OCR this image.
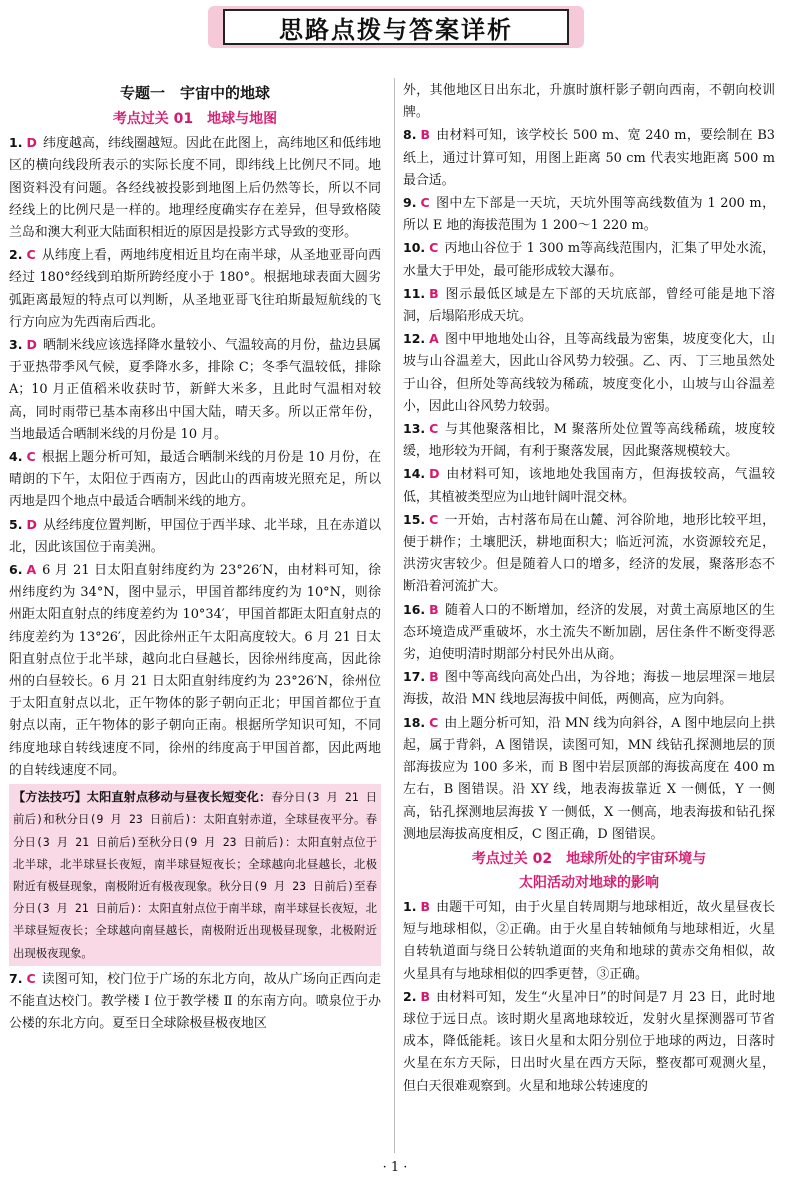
思路点拨与答案详析
专题一　宇宙中的地球
考点过关 01　地球与地图

1. D 纬度越高，纬线圈越短。因此在此图上，高纬地区和低纬地区的横向线段所表示的实际长度不同，即纬线上比例尺不同。地图资料没有问题。各经线被投影到地图上后仍然等长，所以不同经线上的比例尺是一样的。地理经度确实存在差异，但导致格陵兰岛和澳大利亚大陆面积相近的原因是投影方式导致的变形。

2. C 从纬度上看，两地纬度相近且均在南半球，从圣地亚哥向西经过 180°经线到珀斯所跨经度小于 180°。根据地球表面大圆劣弧距离最短的特点可以判断，从圣地亚哥飞往珀斯最短航线的飞行方向应为先西南后西北。

3. D 晒制米线应该选择降水量较小、气温较高的月份，盐边县属于亚热带季风气候，夏季降水多，排除 C；冬季气温较低，排除 A；10 月正值稻米收获时节，新鲜大米多，且此时气温相对较高，同时雨带已基本南移出中国大陆，晴天多。所以正常年份，当地最适合晒制米线的月份是 10 月。

4. C 根据上题分析可知，最适合晒制米线的月份是 10 月份，在晴朗的下午，太阳位于西南方，因此山的西南坡光照充足，所以丙地是四个地点中最适合晒制米线的地方。

5. D 从经纬度位置判断，甲国位于西半球、北半球，且在赤道以北，因此该国位于南美洲。

6. A 6 月 21 日太阳直射纬度约为 23°26′N，由材料可知，徐州纬度约为 34°N，图中显示，甲国首都纬度约为 10°N，则徐州距太阳直射点的纬度差约为 10°34′，甲国首都距太阳直射点的纬度差约为 13°26′，因此徐州正午太阳高度较大。6 月 21 日太阳直射点位于北半球，越向北白昼越长，因徐州纬度高，因此徐州的白昼较长。6 月 21 日太阳直射纬度约为 23°26′N，徐州位于太阳直射点以北，正午物体的影子朝向正北；甲国首都位于直射点以南，正午物体的影子朝向正南。根据所学知识可知，不同纬度地球自转线速度不同，徐州的纬度高于甲国首都，因此两地的自转线速度不同。

【方法技巧】太阳直射点移动与昼夜长短变化：春分日(3 月 21 日前后)和秋分日(9 月 23 日前后)：太阳直射赤道，全球昼夜平分。春分日(3 月 21 日前后)至秋分日(9 月 23 日前后)：太阳直射点位于北半球，北半球昼长夜短，南半球昼短夜长；全球越向北昼越长，北极附近有极昼现象，南极附近有极夜现象。秋分日(9 月 23 日前后)至春分日(3 月 21 日前后)：太阳直射点位于南半球，南半球昼长夜短，北半球昼短夜长；全球越向南昼越长，南极附近出现极昼现象，北极附近出现极夜现象。

7. C 读图可知，校门位于广场的东北方向，故从广场向正西向走不能直达校门。教学楼 Ⅰ 位于教学楼 Ⅱ 的东南方向。喷泉位于办公楼的东北方向。夏至日全球除极昼极夜地区

外，其他地区日出东北，升旗时旗杆影子朝向西南，不朝向校训牌。

8. B 由材料可知，该学校长 500 m、宽 240 m，要绘制在 B3 纸上，通过计算可知，用图上距离 50 cm 代表实地距离 500 m 最合适。

9. C 图中左下部是一天坑，天坑外围等高线数值为 1 200 m，所以 E 地的海拔范围为 1 200～1 220 m。

10. C 丙地山谷位于 1 300 m等高线范围内，汇集了甲处水流，水量大于甲处，最可能形成较大瀑布。

11. B 图示最低区域是左下部的天坑底部，曾经可能是地下溶洞，后塌陷形成天坑。

12. A 图中甲地地处山谷，且等高线最为密集，坡度变化大，山坡与山谷温差大，因此山谷风势力较强。乙、丙、丁三地虽然处于山谷，但所处等高线较为稀疏，坡度变化小，山坡与山谷温差小，因此山谷风势力较弱。

13. C 与其他聚落相比，M 聚落所处位置等高线稀疏，坡度较缓，地形较为开阔，有利于聚落发展，因此聚落规模较大。

14. D 由材料可知，该地地处我国南方，但海拔较高，气温较低，其植被类型应为山地针阔叶混交林。

15. C 一开始，古村落布局在山麓、河谷阶地，地形比较平坦，便于耕作；土壤肥沃，耕地面积大；临近河流，水资源较充足，洪涝灾害较少。但是随着人口的增多，经济的发展，聚落形态不断沿着河流扩大。

16. B 随着人口的不断增加，经济的发展，对黄土高原地区的生态环境造成严重破坏，水土流失不断加剧，居住条件不断变得恶劣，迫使明清时期部分村民外出从商。

17. B 图中等高线向高处凸出，为谷地；海拔－地层埋深＝地层海拔，故沿 MN 线地层海拔中间低，两侧高，应为向斜。

18. C 由上题分析可知，沿 MN 线为向斜谷，A 图中地层向上拱起，属于背斜，A 图错误，读图可知，MN 线钻孔探测地层的顶部海拔应为 100 多米，而 B 图中岩层顶部的海拔高度在 400 m 左右，B 图错误。沿 XY 线，地表海拔靠近 X 一侧低，Y 一侧高，钻孔探测地层海拔 Y 一侧低，X 一侧高，地表海拔和钻孔探测地层海拔高度相反，C 图正确，D 图错误。

考点过关 02　地球所处的宇宙环境与
太阳活动对地球的影响

1. B 由题干可知，由于火星自转周期与地球相近，故火星昼夜长短与地球相似，②正确。由于火星自转轴倾角与地球相近，火星自转轨道面与绕日公转轨道面的夹角和地球的黄赤交角相似，故火星具有与地球相似的四季更替，③正确。

2. B 由材料可知，发生“火星冲日”的时间是7 月 23 日，此时地球位于远日点。该时期火星离地球较近，发射火星探测器可节省成本，降低能耗。该日火星和太阳分别位于地球的两边，日落时火星在东方天际，日出时火星在西方天际，整夜都可观测火星，但白天很难观察到。火星和地球公转速度的

· 1 ·
